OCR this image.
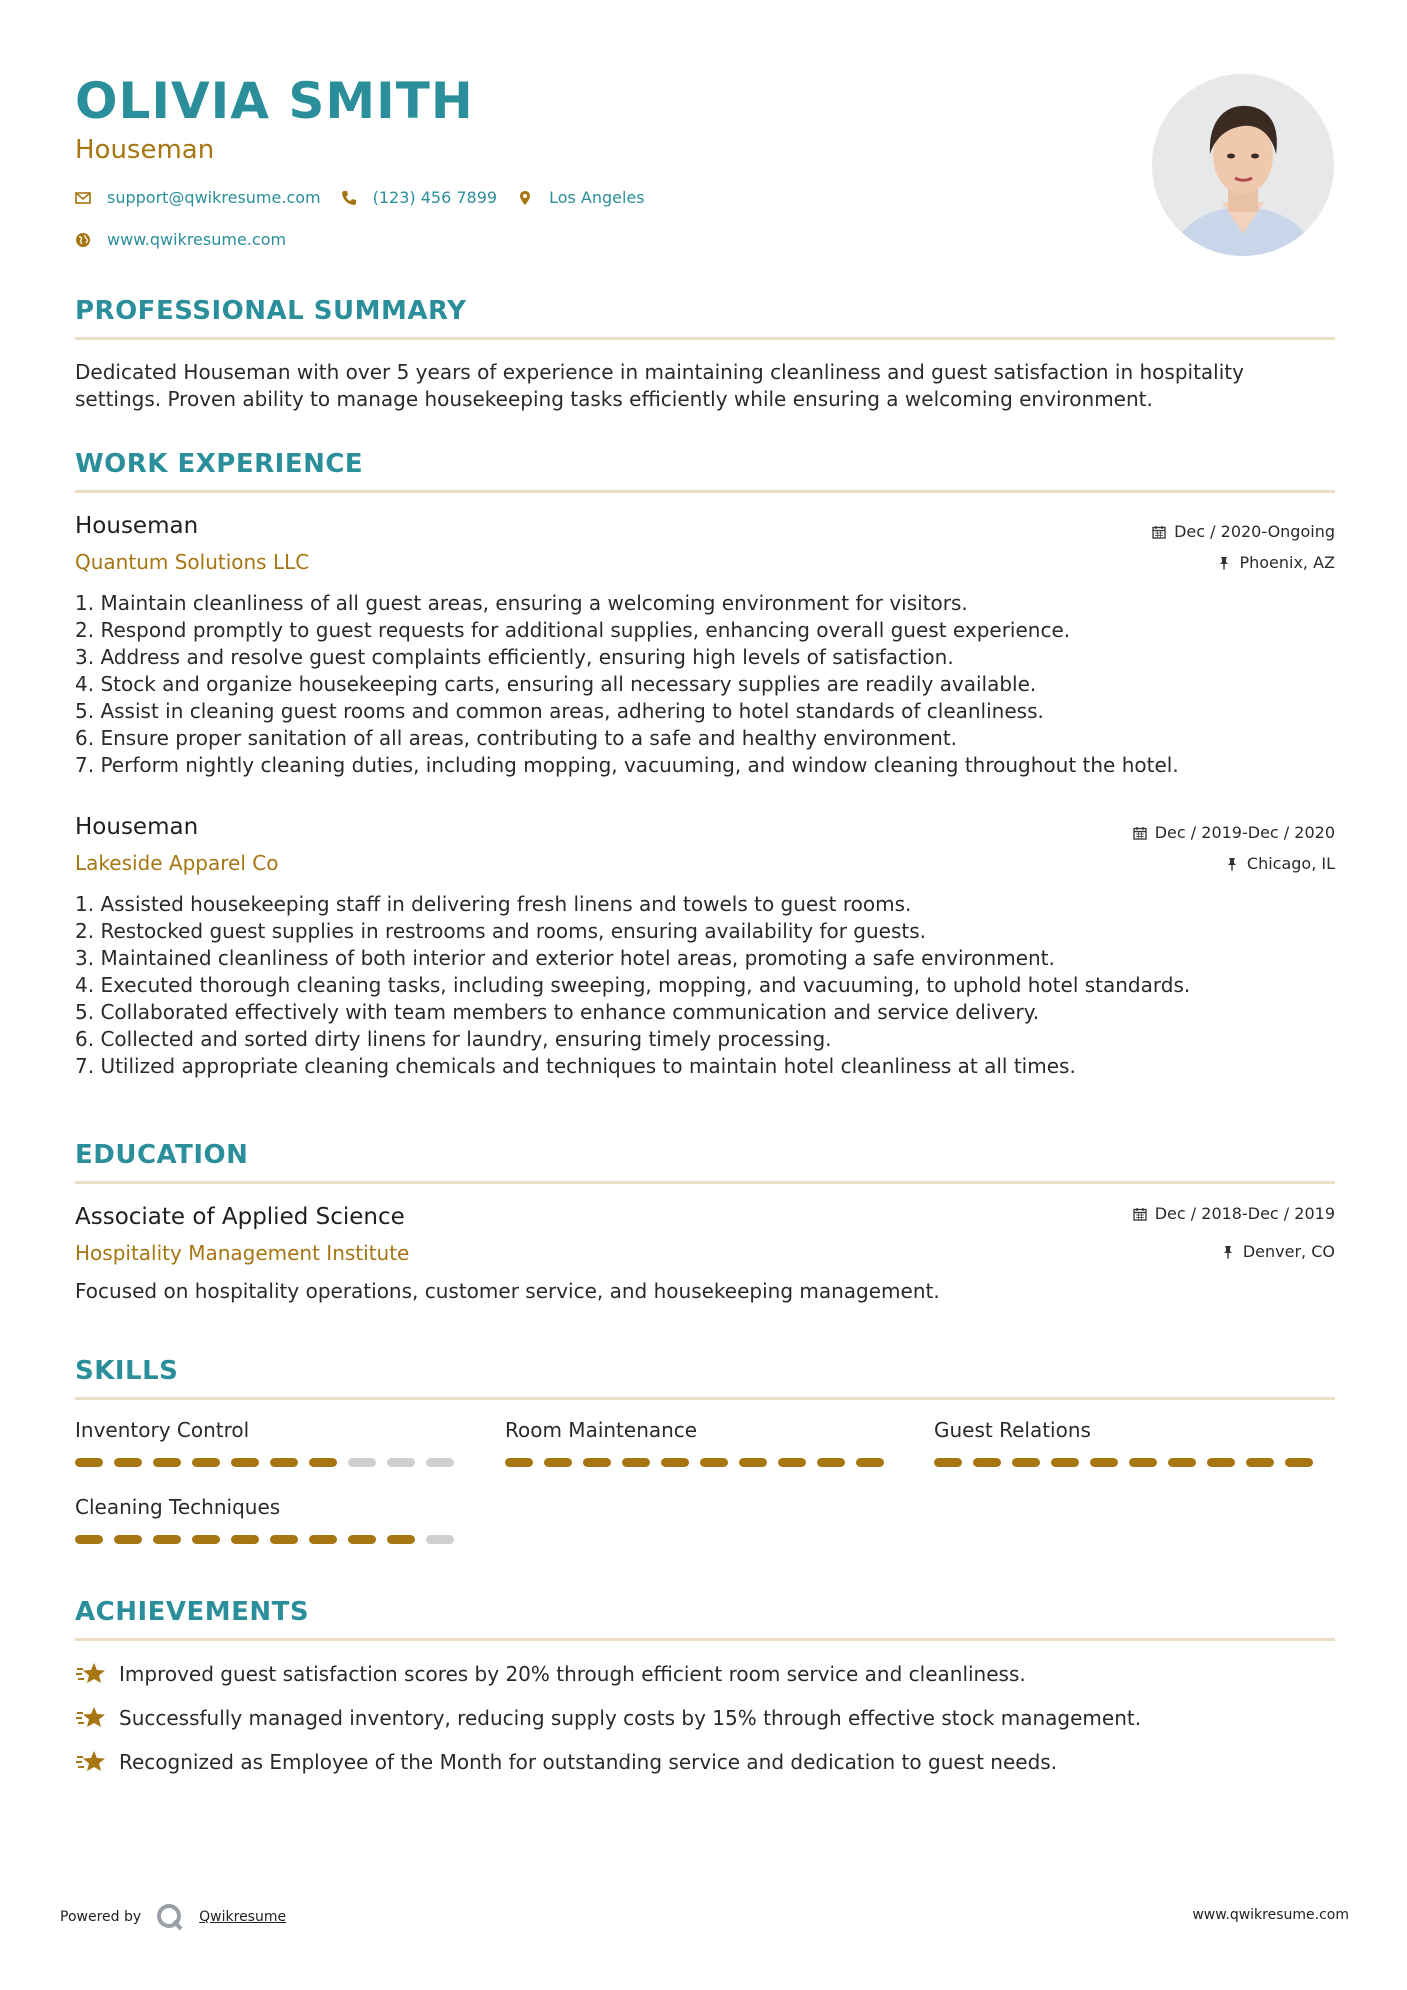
OLIVIA SMITH
Houseman
support@qwikresume.com	(123) 456 7899	Los Angeles
www.qwikresume.com
PROFESSIONAL SUMMARY
Dedicated Houseman with over 5 years of experience in maintaining cleanliness and guest satisfaction in hospitality
settings. Proven ability to manage housekeeping tasks efficiently while ensuring a welcoming environment.
WORK EXPERIENCE
Houseman
Quantum Solutions LLC
Dec / 2020-Ongoing
Phoenix, AZ
1. Maintain cleanliness of all guest areas, ensuring a welcoming environment for visitors.
2. Respond promptly to guest requests for additional supplies, enhancing overall guest experience.
3. Address and resolve guest complaints efficiently, ensuring high levels of satisfaction.
4. Stock and organize housekeeping carts, ensuring all necessary supplies are readily available.
5. Assist in cleaning guest rooms and common areas, adhering to hotel standards of cleanliness.
6. Ensure proper sanitation of all areas, contributing to a safe and healthy environment.
7. Perform nightly cleaning duties, including mopping, vacuuming, and window cleaning throughout the hotel.
Houseman
Lakeside Apparel Co
Dec / 2019-Dec / 2020
Chicago, IL
1. Assisted housekeeping staff in delivering fresh linens and towels to guest rooms.
2. Restocked guest supplies in restrooms and rooms, ensuring availability for guests.
3. Maintained cleanliness of both interior and exterior hotel areas, promoting a safe environment.
4. Executed thorough cleaning tasks, including sweeping, mopping, and vacuuming, to uphold hotel standards.
5. Collaborated effectively with team members to enhance communication and service delivery.
6. Collected and sorted dirty linens for laundry, ensuring timely processing.
7. Utilized appropriate cleaning chemicals and techniques to maintain hotel cleanliness at all times.
EDUCATION
Associate of Applied Science
Hospitality Management Institute
Dec / 2018-Dec / 2019
Denver, CO
Focused on hospitality operations, customer service, and housekeeping management.
SKILLS
Inventory Control	Room Maintenance	Guest Relations
Cleaning Techniques
ACHIEVEMENTS
Improved guest satisfaction scores by 20% through efficient room service and cleanliness.
Successfully managed inventory, reducing supply costs by 15% through effective stock management.
Recognized as Employee of the Month for outstanding service and dedication to guest needs.
Powered by	Qwikresume	www.qwikresume.com
